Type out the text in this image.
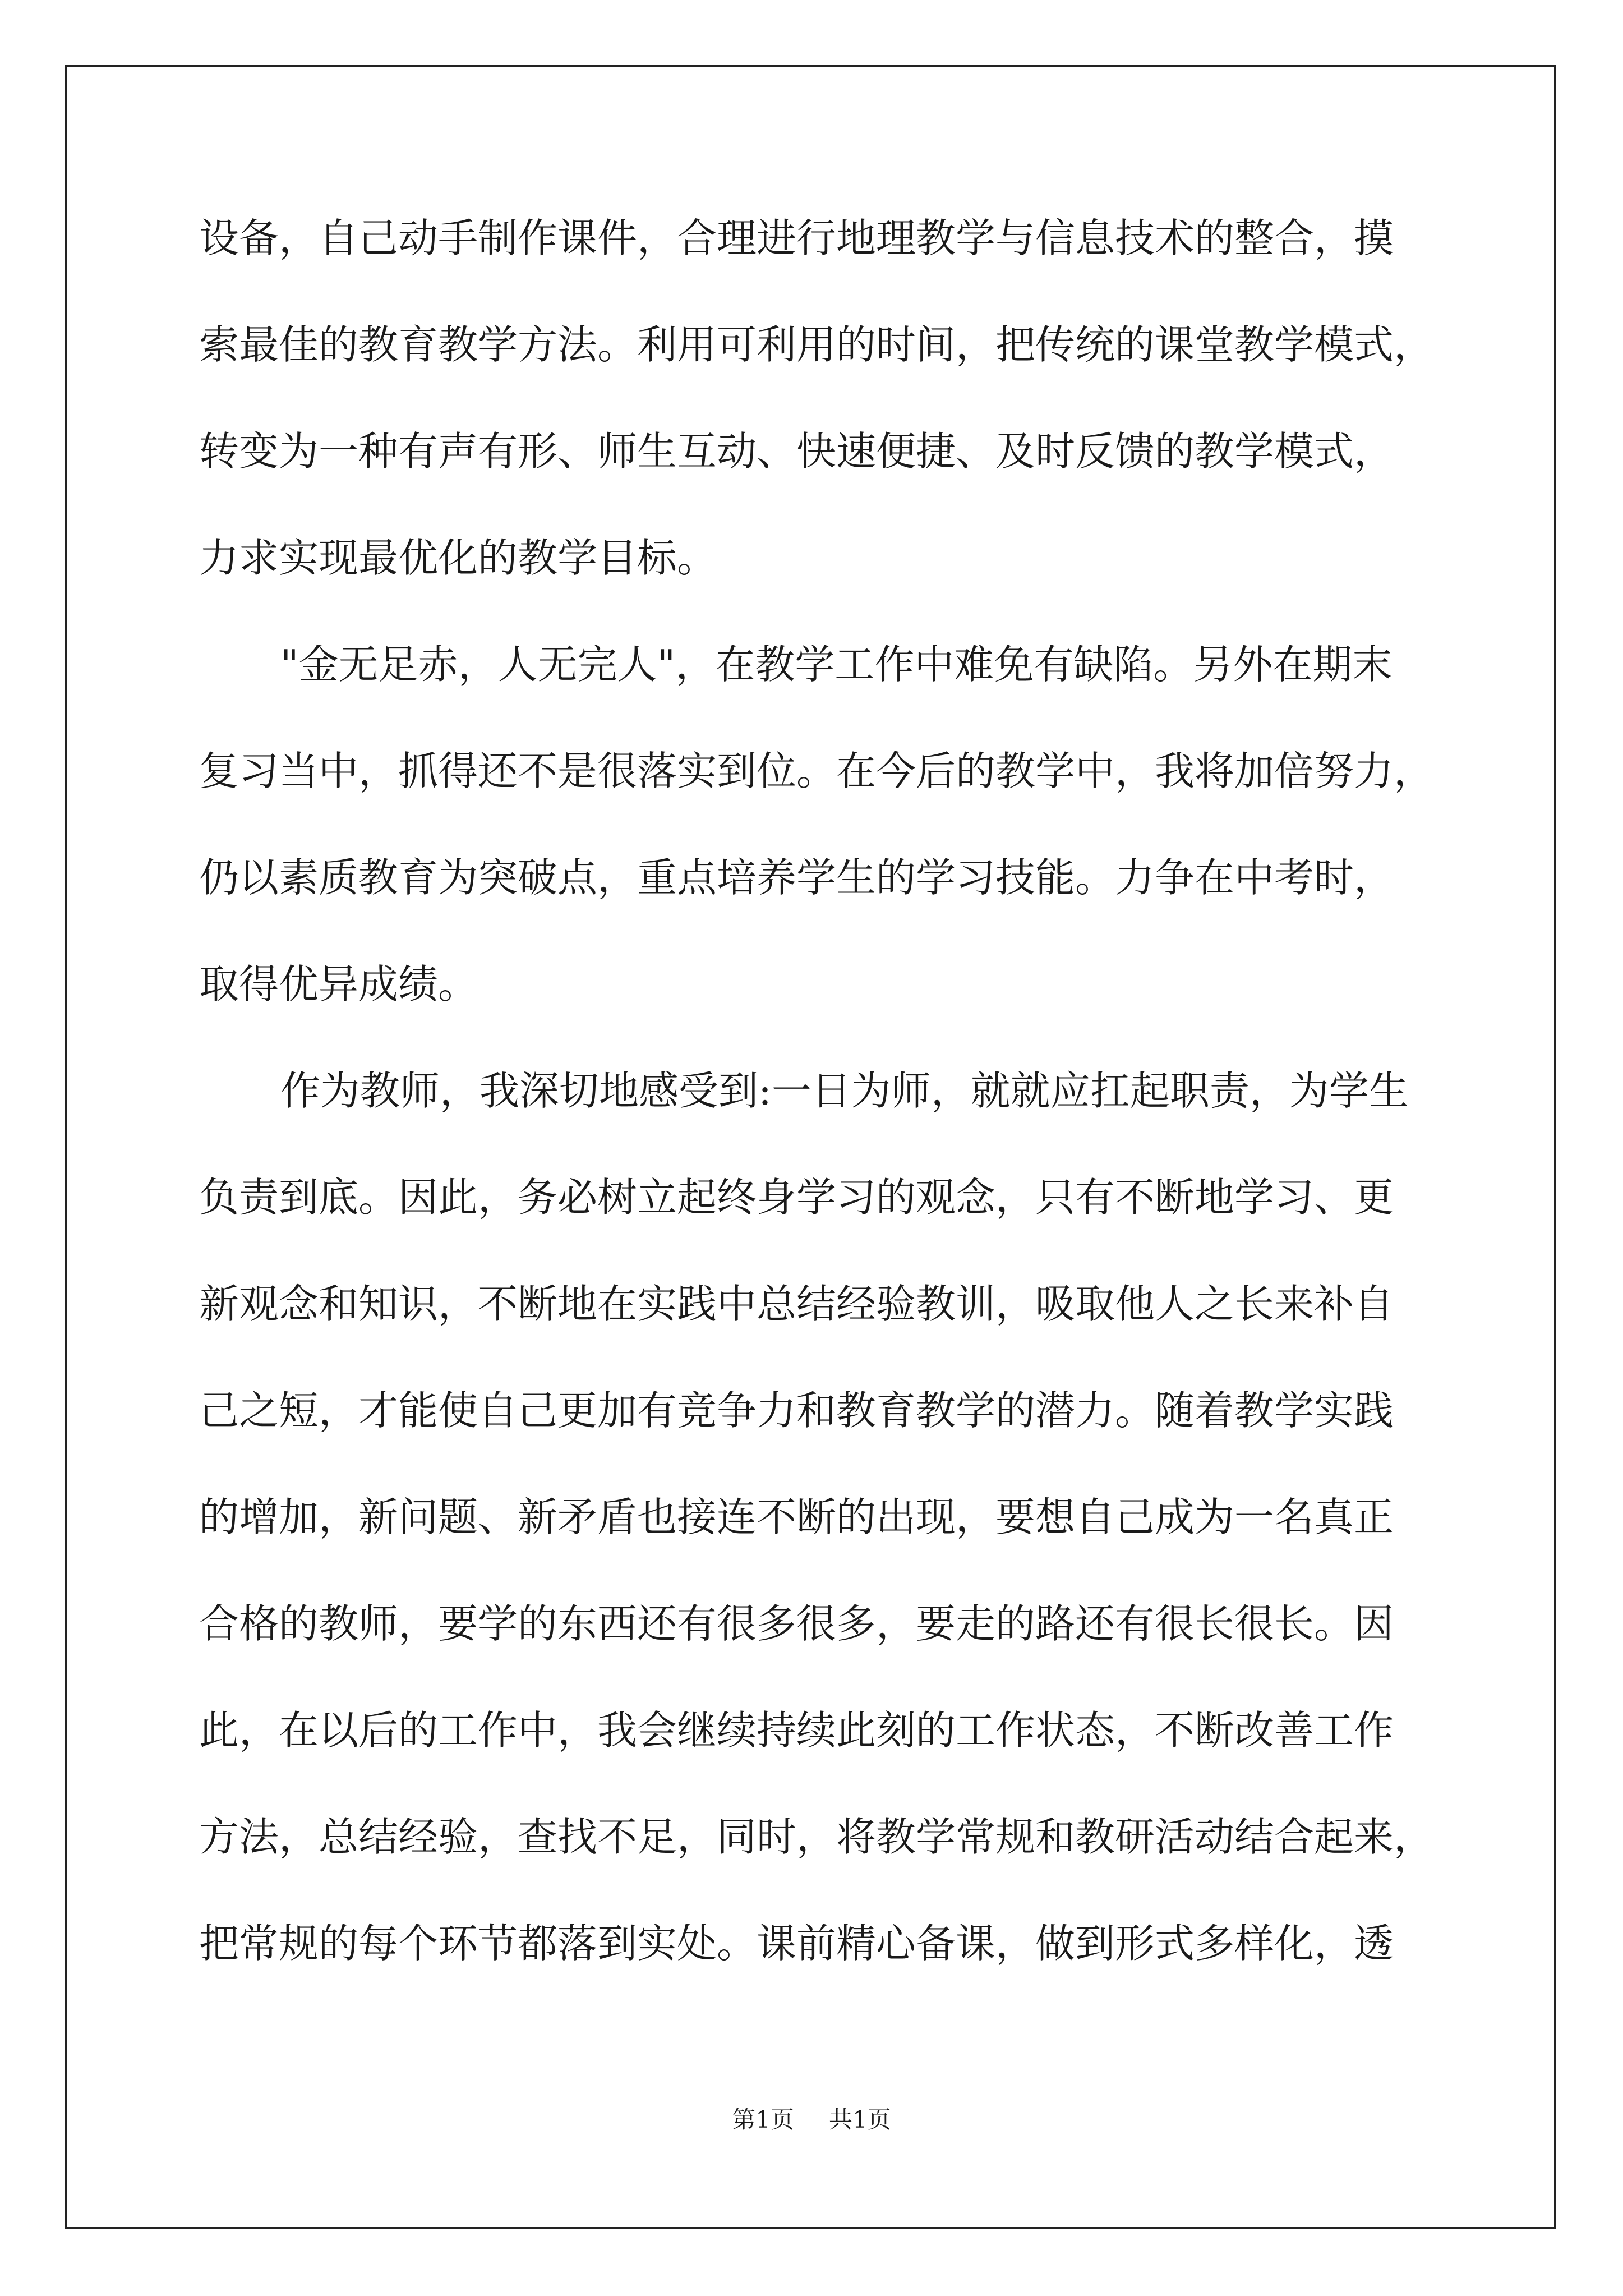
设备，自己动手制作课件，合理进行地理教学与信息技术的整合，摸
索最佳的教育教学方法。利用可利用的时间，把传统的课堂教学模式，
转变为一种有声有形、师生互动、快速便捷、及时反馈的教学模式，
力求实现最优化的教学目标。
"金无足赤，人无完人"，在教学工作中难免有缺陷。另外在期末
复习当中，抓得还不是很落实到位。在今后的教学中，我将加倍努力，
仍以素质教育为突破点，重点培养学生的学习技能。力争在中考时，
取得优异成绩。
作为教师，我深切地感受到:一日为师，就就应扛起职责，为学生
负责到底。因此，务必树立起终身学习的观念，只有不断地学习、更
新观念和知识，不断地在实践中总结经验教训，吸取他人之长来补自
己之短，才能使自己更加有竞争力和教育教学的潜力。随着教学实践
的增加，新问题、新矛盾也接连不断的出现，要想自己成为一名真正
合格的教师，要学的东西还有很多很多，要走的路还有很长很长。因
此，在以后的工作中，我会继续持续此刻的工作状态，不断改善工作
方法，总结经验，查找不足，同时，将教学常规和教研活动结合起来，
把常规的每个环节都落到实处。课前精心备课，做到形式多样化，透
第1页 共1页
